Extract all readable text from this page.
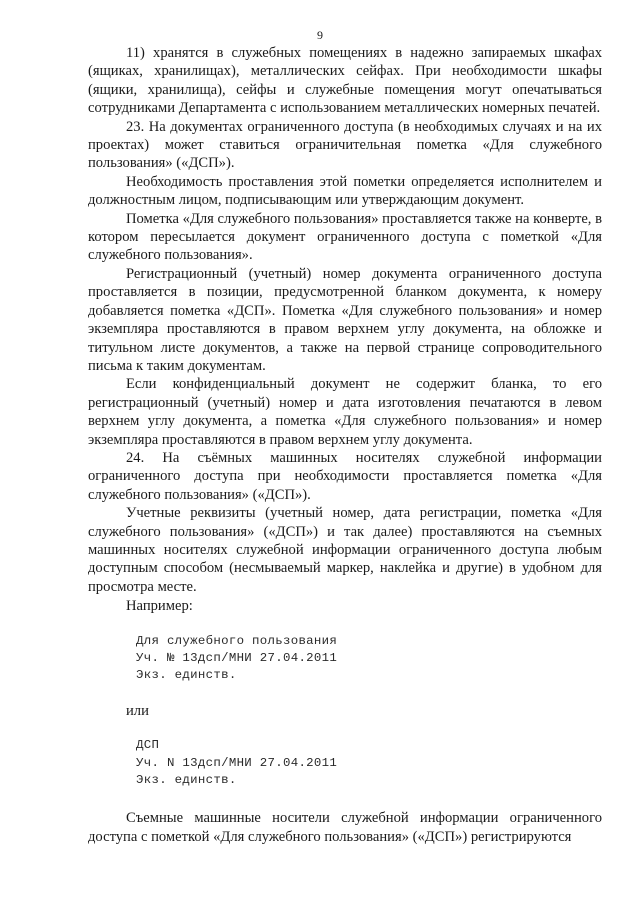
9

11) хранятся в служебных помещениях в надежно запираемых шкафах (ящиках, хранилищах), металлических сейфах. При необходимости шкафы (ящики, хранилища), сейфы и служебные помещения могут опечатываться сотрудниками Департамента с использованием металлических номерных печатей.

23. На документах ограниченного доступа (в необходимых случаях и на их проектах) может ставиться ограничительная пометка «Для служебного пользования» («ДСП»).

Необходимость проставления этой пометки определяется исполнителем и должностным лицом, подписывающим или утверждающим документ.

Пометка «Для служебного пользования» проставляется также на конверте, в котором пересылается документ ограниченного доступа с пометкой «Для служебного пользования».

Регистрационный (учетный) номер документа ограниченного доступа проставляется в позиции, предусмотренной бланком документа, к номеру добавляется пометка «ДСП». Пометка «Для служебного пользования» и номер экземпляра проставляются в правом верхнем углу документа, на обложке и титульном листе документов, а также на первой странице сопроводительного письма к таким документам.

Если конфиденциальный документ не содержит бланка, то его регистрационный (учетный) номер и дата изготовления печатаются в левом верхнем углу документа, а пометка «Для служебного пользования» и номер экземпляра проставляются в правом верхнем углу документа.

24. На съёмных машинных носителях служебной информации ограниченного доступа при необходимости проставляется пометка «Для служебного пользования» («ДСП»).

Учетные реквизиты (учетный номер, дата регистрации, пометка «Для служебного пользования» («ДСП») и так далее) проставляются на съемных машинных носителях служебной информации ограниченного доступа любым доступным способом (несмываемый маркер, наклейка и другие) в удобном для просмотра месте.

Например:

Для служебного пользования
Уч. № 13дсп/МНИ 27.04.2011
Экз. единств.

или

ДСП
Уч. N 13дсп/МНИ 27.04.2011
Экз. единств.

Съемные машинные носители служебной информации ограниченного доступа с пометкой «Для служебного пользования» («ДСП») регистрируются
